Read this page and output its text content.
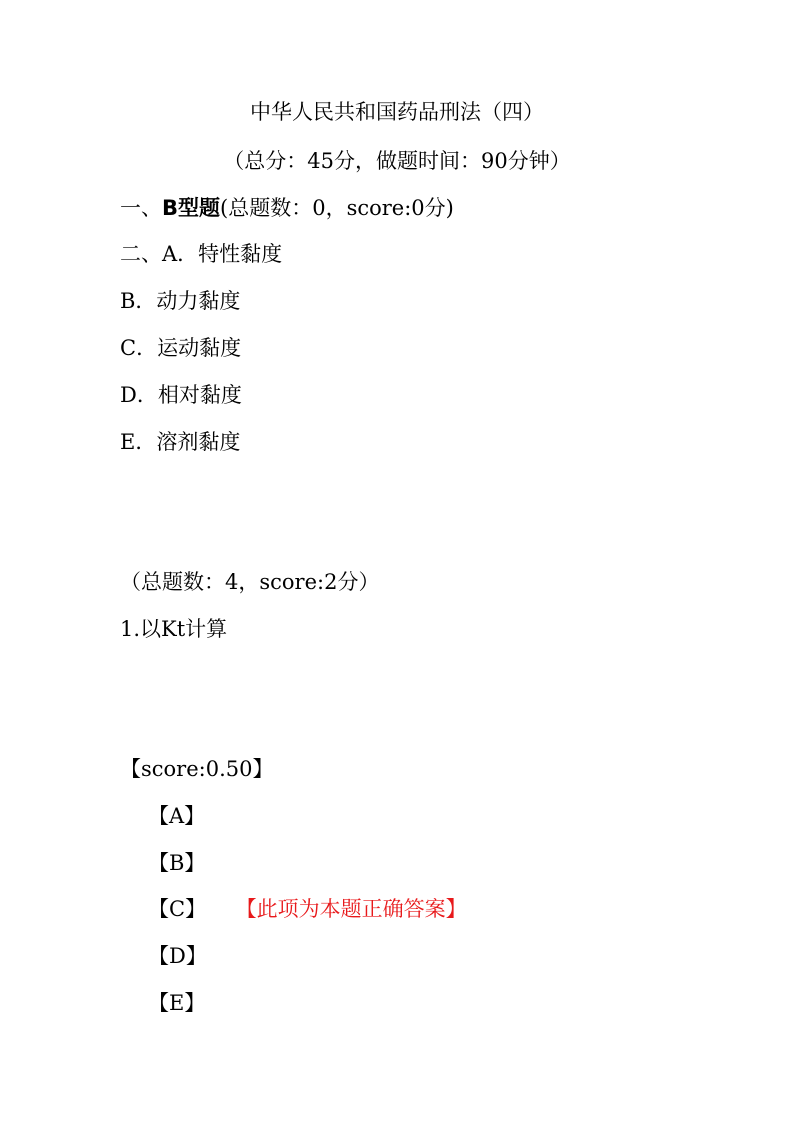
中华人民共和国药品刑法（四）
（总分：45分，做题时间：90分钟）
一、B型题(总题数：0，score:0分)
二、A．特性黏度
B．动力黏度
C．运动黏度
D．相对黏度
E．溶剂黏度
（总题数：4，score:2分）
1.以Kt计算
【score:0.50】
【A】
【B】
【C】 【此项为本题正确答案】
【D】
【E】
